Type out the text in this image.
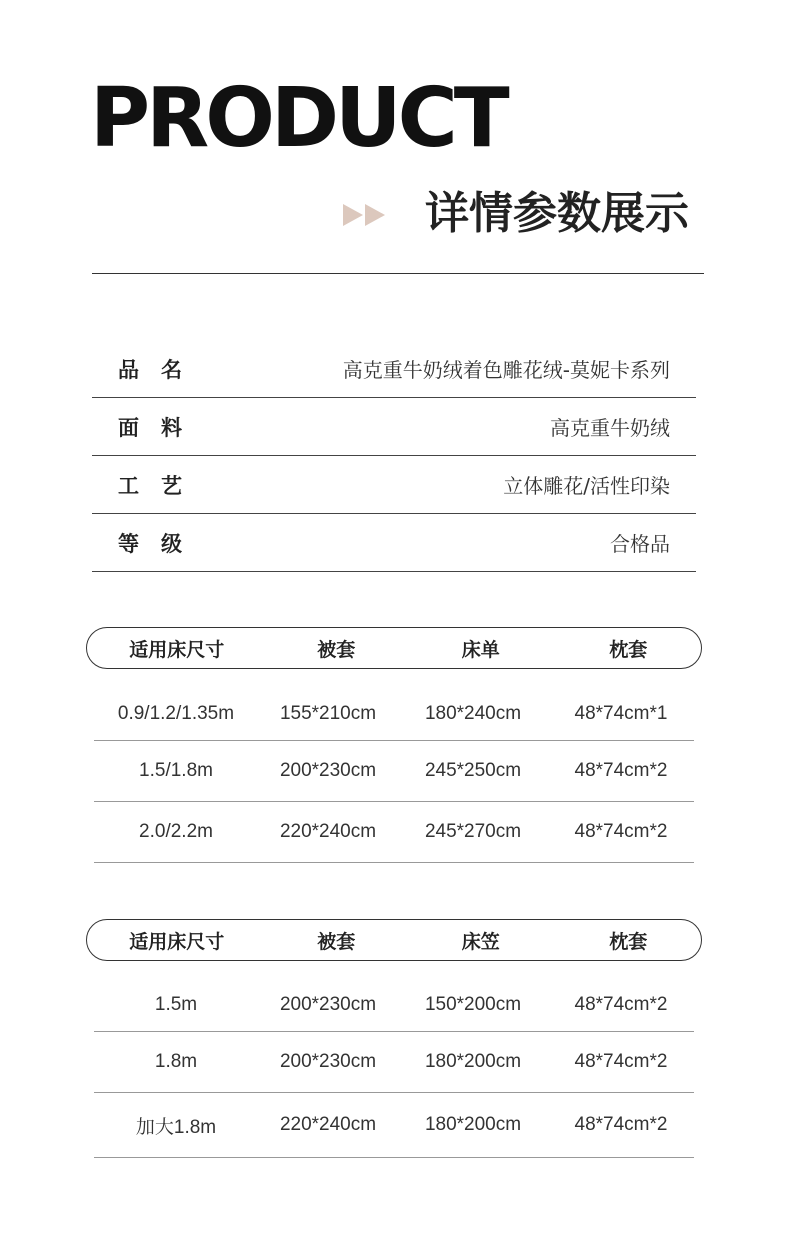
PRODUCT
详情参数展示
品名	高克重牛奶绒着色雕花绒-莫妮卡系列
面料	高克重牛奶绒
工艺	立体雕花/活性印染
等级	合格品
适用床尺寸	被套	床单	枕套
0.9/1.2/1.35m	155*210cm	180*240cm	48*74cm*1
1.5/1.8m	200*230cm	245*250cm	48*74cm*2
2.0/2.2m	220*240cm	245*270cm	48*74cm*2
适用床尺寸	被套	床笠	枕套
1.5m	200*230cm	150*200cm	48*74cm*2
1.8m	200*230cm	180*200cm	48*74cm*2
加大1.8m	220*240cm	180*200cm	48*74cm*2
